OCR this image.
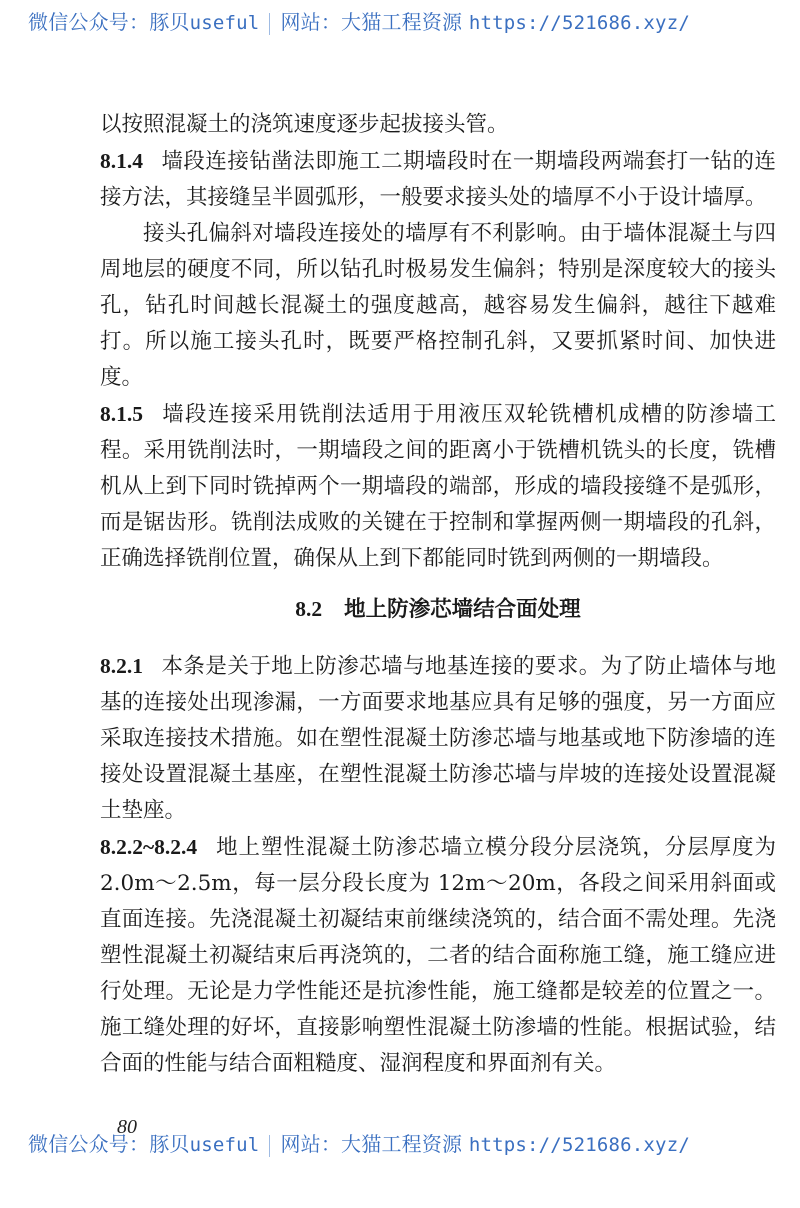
微信公众号：豚贝useful 网站：大猫工程资源 https://521686.xyz/

以按照混凝土的浇筑速度逐步起拔接头管。

8.1.4 墙段连接钻凿法即施工二期墙段时在一期墙段两端套打一钻的连接方法，其接缝呈半圆弧形，一般要求接头处的墙厚不小于设计墙厚。

接头孔偏斜对墙段连接处的墙厚有不利影响。由于墙体混凝土与四周地层的硬度不同，所以钻孔时极易发生偏斜；特别是深度较大的接头孔，钻孔时间越长混凝土的强度越高，越容易发生偏斜，越往下越难打。所以施工接头孔时，既要严格控制孔斜，又要抓紧时间、加快进度。

8.1.5 墙段连接采用铣削法适用于用液压双轮铣槽机成槽的防渗墙工程。采用铣削法时，一期墙段之间的距离小于铣槽机铣头的长度，铣槽机从上到下同时铣掉两个一期墙段的端部，形成的墙段接缝不是弧形，而是锯齿形。铣削法成败的关键在于控制和掌握两侧一期墙段的孔斜，正确选择铣削位置，确保从上到下都能同时铣到两侧的一期墙段。

8.2 地上防渗芯墙结合面处理

8.2.1 本条是关于地上防渗芯墙与地基连接的要求。为了防止墙体与地基的连接处出现渗漏，一方面要求地基应具有足够的强度，另一方面应采取连接技术措施。如在塑性混凝土防渗芯墙与地基或地下防渗墙的连接处设置混凝土基座，在塑性混凝土防渗芯墙与岸坡的连接处设置混凝土垫座。

8.2.2~8.2.4 地上塑性混凝土防渗芯墙立模分段分层浇筑，分层厚度为 2.0m～2.5m，每一层分段长度为 12m～20m，各段之间采用斜面或直面连接。先浇混凝土初凝结束前继续浇筑的，结合面不需处理。先浇塑性混凝土初凝结束后再浇筑的，二者的结合面称施工缝，施工缝应进行处理。无论是力学性能还是抗渗性能，施工缝都是较差的位置之一。施工缝处理的好坏，直接影响塑性混凝土防渗墙的性能。根据试验，结合面的性能与结合面粗糙度、湿润程度和界面剂有关。

80
微信公众号：豚贝useful 网站：大猫工程资源 https://521686.xyz/
